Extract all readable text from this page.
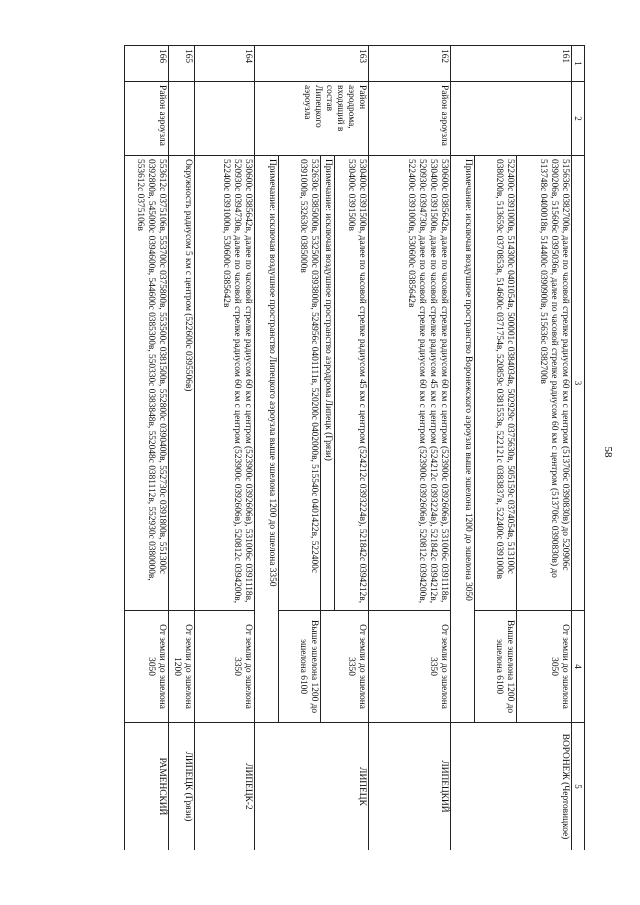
58
1	2	3	4	5
161		515636с 0382700в, далее по часовой стрелке радиусом 60 км с центром (513706с 0390830в) до 520906с 0390206в, 515606с 0395036в, далее по часовой стрелке радиусом 60 км с центром (513706с 0390830в) до 513748с 0400018в, 514400с 0390900в, 515636с 0382700в	От земли до эшелона 3050	ВОРОНЕЖ (Чертовицкое)
		522400с 0391000в, 514300с 0401054в, 500001с 0384034в, 502929с 0375630в, 505159с 0374054в, 513100с 0380200в, 513659с 0370853в, 514600с 0371754в, 520859с 0381553в, 522121с 0383837в, 522400с 0391000в	Выше эшелона 1200 до эшелона 6100	
		Примечание: исключая воздушное пространство Воронежского аэроузла выше эшелона 1200 до эшелона 3050		
162	Район аэроузла	530600с 0385642в, далее по часовой стрелке радиусом 60 км с центром (523900с 0392606в), 531006с 0391118в, 530400с 0391500в, далее по часовой стрелке радиусом 45 км с центром (524212с 0393224в), 521842с 0394212в, 520930с 0394730в, далее по часовой стрелке радиусом 60 км с центром (523900с 0392606в), 520812с 0394200в, 522400с 0391000в, 530600с 0385642в	От земли до эшелона 3350	ЛИПЕЦКИЙ
163	Район аэродрома, входящий в состав Липецкого аэроузла	530400с 0391500в, далее по часовой стрелке радиусом 45 км с центром (524212с 0393224в), 521842с 0394212в, 530400с 0391500в	От земли до эшелона 3350	ЛИПЕЦК
		Примечание: исключая воздушное пространство аэродрома Липецк (Грязи)		
		532630с 0385000в, 532500с 0393800в, 524956с 0401111в, 520200с 0402000в, 515540с 0401422в, 522400с 0391000в, 532630с 0385000в	Выше эшелона 1200 до эшелона 6100	
		Примечание: исключая воздушное пространство Липецкого аэроузла выше эшелона 1200 до эшелона 3350		
164		530600с 0385642в, далее по часовой стрелке радиусом 60 км с центром (523900с 0392606в), 531006с 0391118в, 520930с 0394730в, далее по часовой стрелке радиусом 60 км с центром (523900с 0392606в), 520812с 0394200в, 522400с 0391000в, 530600с 0385642в	От земли до эшелона 3350	ЛИПЕЦК-2
165		Окружность радиусом 5 км с центром (522600с 0395506в)	От земли до эшелона 1200	ЛИПЕЦК (Грязи)
166	Район аэроузла	553612с 0375106в, 553700с 0375800в, 553500с 0381500в, 552800с 0390400в, 552730с 0391800в, 551300с 0392800в, 545000с 0394600в, 544600с 0385300в, 550330с 0383848в, 552048с 0381112в, 552930с 0380000в, 553612с 0375106в	От земли до эшелона 3050	РАМЕНСКИЙ
